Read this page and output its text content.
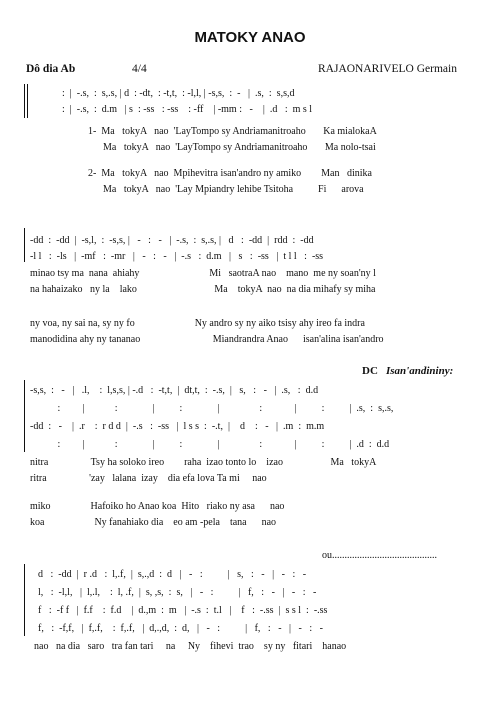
MATOKY ANAO
Dô dia Ab	4/4	RAJAONARIVELO Germain
:  |  -.s,  :  s,.s, | d  : -dt,  : -t,t,  : -l,l, | -s,s,  :  -   |  .s,  :  s,s,d
:  |  -.s,  :  d.m   | s  : -ss   : -ss    : -ff    | -mm :   -    |  .d   :  m s l
1-  Ma   tokyA   nao  'LayTompo sy Andriamanitroaho       Ka mialokaA
Ma   tokyA   nao  'LayTompo sy Andriamanitroaho       Ma nolo-tsai
2-  Ma   tokyA   nao  Mpihevitra isan'andro ny amiko        Man   dinika
Ma   tokyA   nao  'Lay Mpiandry lehibe Tsitoha          Fi      arova
-dd  :  -dd  |  -s,l,  :  -s,s, |   -   :   -   |  -.s,  :  s,.s, |   d   :  -dd  |  rdd  :  -dd
-l l   :  -ls   |  -mf   :  -mr   |   -   :   -   |  -.s   :  d.m   |   s   :  -ss   |  t l l   :  -ss
minao tsy ma  nana  ahiahy                            Mi   saotraA nao    mano  me ny soan'ny l
na hahaizako   ny la    lako                               Ma    tokyA  nao  na dia mihafy sy miha
ny voa, ny sai na, sy ny fo                        Ny andro sy ny aiko tsisy ahy ireo fa indra
manodidina ahy ny tananao                             Miandrandra Anao      isan'alina isan'andro
DC Isan'andininy:
-s,s,  :   -   |   .l,    :  l,s,s, | -.d   :  -t,t,  |  dt,t,  :  -.s,  |   s,   :   -   |  .s,   :  d.d
:         |            :              |          :              |                :             |          :          |  .s,  :  s,.s,
-dd  :   -    |  .r    :  r d d  |  -.s   :  -ss   |  l s s  :  -.t,  |    d    :   -   |  .m  :  m.m
:         |            :              |          :              |                :             |          :          |  .d  :  d.d
nitra                 Tsy ha soloko ireo        raha  izao tonto lo    izao                   Ma   tokyA
ritra                 'zay   lalana  izay    dia efa lova Ta mi     nao
miko                Hafoiko ho Anao koa  Hito   riako ny asa      nao
koa                    Ny fanahiako dia    eo am -pela    tana      nao
ou..........................................
d   :  -dd  |  r .d   :  l,.f,  |  s,.,d  :  d   |   -   :          |   s,   :   -   |   -   :   -
l,   :  -l,l,   |  l,.l,    :  l, .f,  |  s, ,s,  :  s,   |   -   :          |   f,   :   -   |   -   :   -
f   :  -f f   |  f.f    :  f.d    |  d.,m  :  m   |  -.s  :  t.l   |    f   :  -.ss  |  s s l  :  -.ss
f,   :  -f,f,   |  f,.f,    :  f,.f,   |  d,.,d,  :  d,   |   -   :          |   f,   :   -   |   -   :   -
nao   na dia   saro   tra fan tari     na     Ny    fihevi  trao    sy ny   fitari    hanao
